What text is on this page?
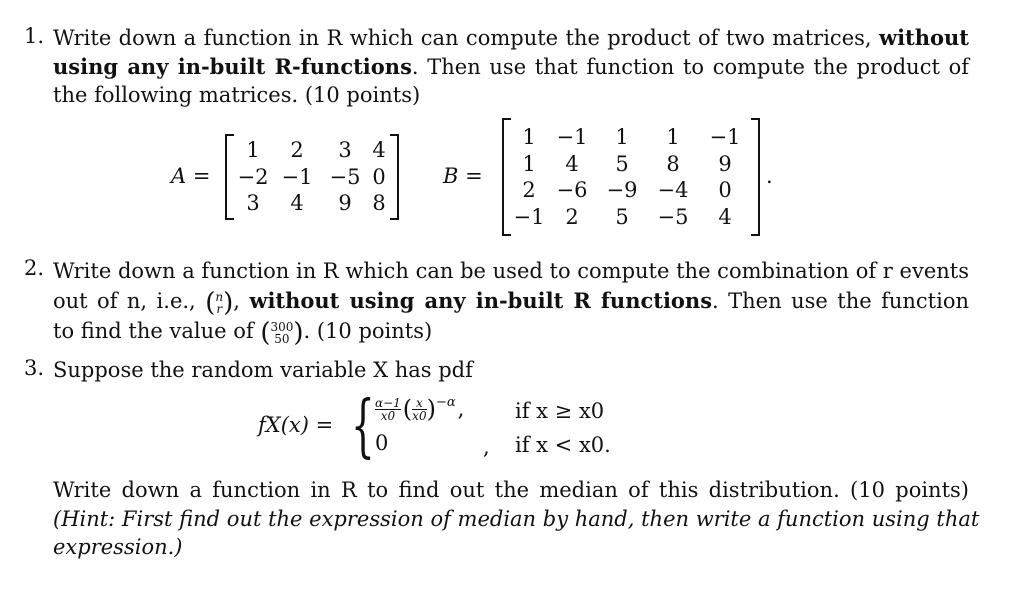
1. Write down a function in R which can compute the product of two matrices, without
using any in-built R-functions. Then use that function to compute the product of
the following matrices. (10 points)
A =
1	2	3 4
−2 −1 −5 0
3	4	9 8
B =
1 −1	1	1	−1
1	4	5	8	9
2 −6 −9 −4	0
−1 2	5	−5	4
.
2. Write down a function in R which can be used to compute the combination of r events
out of n, i.e., ( n
r ) , without using any in-built R functions. Then use the function
to find the value of ( 300
50 ) . (10 points)
3. Suppose the random variable X has pdf
fX(x) = { $\frac{\alpha-1}{x0}$ ( $\frac{x}{x0}$ ) −α ,
0	,
if x ≥ x0
if x < x0.
Write down a function in R to find out the median of this distribution. (10 points)
(Hint: First find out the expression of median by hand, then write a function using that
expression.)
